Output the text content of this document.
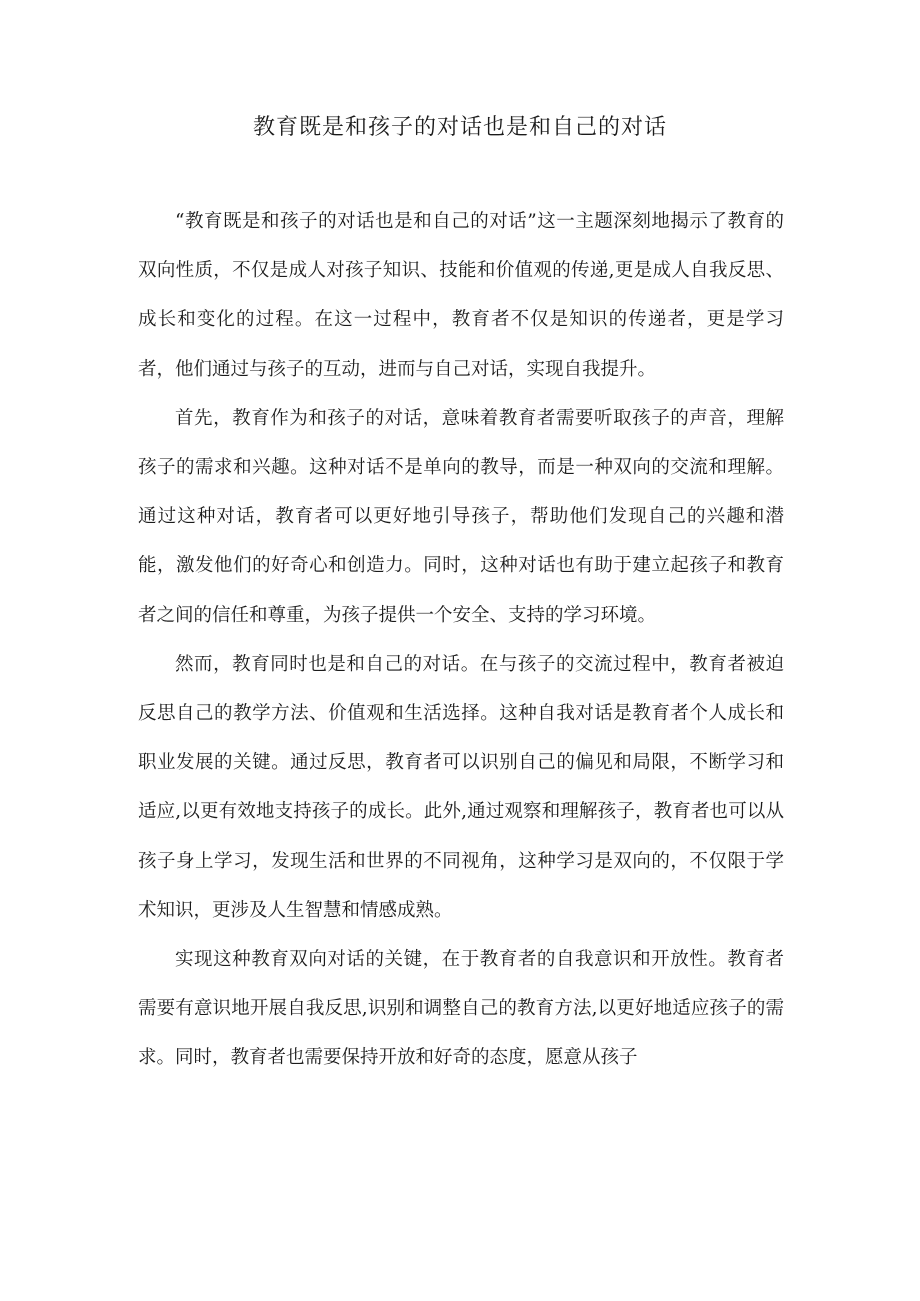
教育既是和孩子的对话也是和自己的对话

“教育既是和孩子的对话也是和自己的对话”这一主题深刻地揭示了教育的双向性质，不仅是成人对孩子知识、技能和价值观的传递,更是成人自我反思、成长和变化的过程。在这一过程中，教育者不仅是知识的传递者，更是学习者，他们通过与孩子的互动，进而与自己对话，实现自我提升。

首先，教育作为和孩子的对话，意味着教育者需要听取孩子的声音，理解孩子的需求和兴趣。这种对话不是单向的教导，而是一种双向的交流和理解。通过这种对话，教育者可以更好地引导孩子，帮助他们发现自己的兴趣和潜能，激发他们的好奇心和创造力。同时，这种对话也有助于建立起孩子和教育者之间的信任和尊重，为孩子提供一个安全、支持的学习环境。

然而，教育同时也是和自己的对话。在与孩子的交流过程中，教育者被迫反思自己的教学方法、价值观和生活选择。这种自我对话是教育者个人成长和职业发展的关键。通过反思，教育者可以识别自己的偏见和局限，不断学习和适应,以更有效地支持孩子的成长。此外,通过观察和理解孩子，教育者也可以从孩子身上学习，发现生活和世界的不同视角，这种学习是双向的，不仅限于学术知识，更涉及人生智慧和情感成熟。

实现这种教育双向对话的关键，在于教育者的自我意识和开放性。教育者需要有意识地开展自我反思,识别和调整自己的教育方法,以更好地适应孩子的需求。同时，教育者也需要保持开放和好奇的态度，愿意从孩子
